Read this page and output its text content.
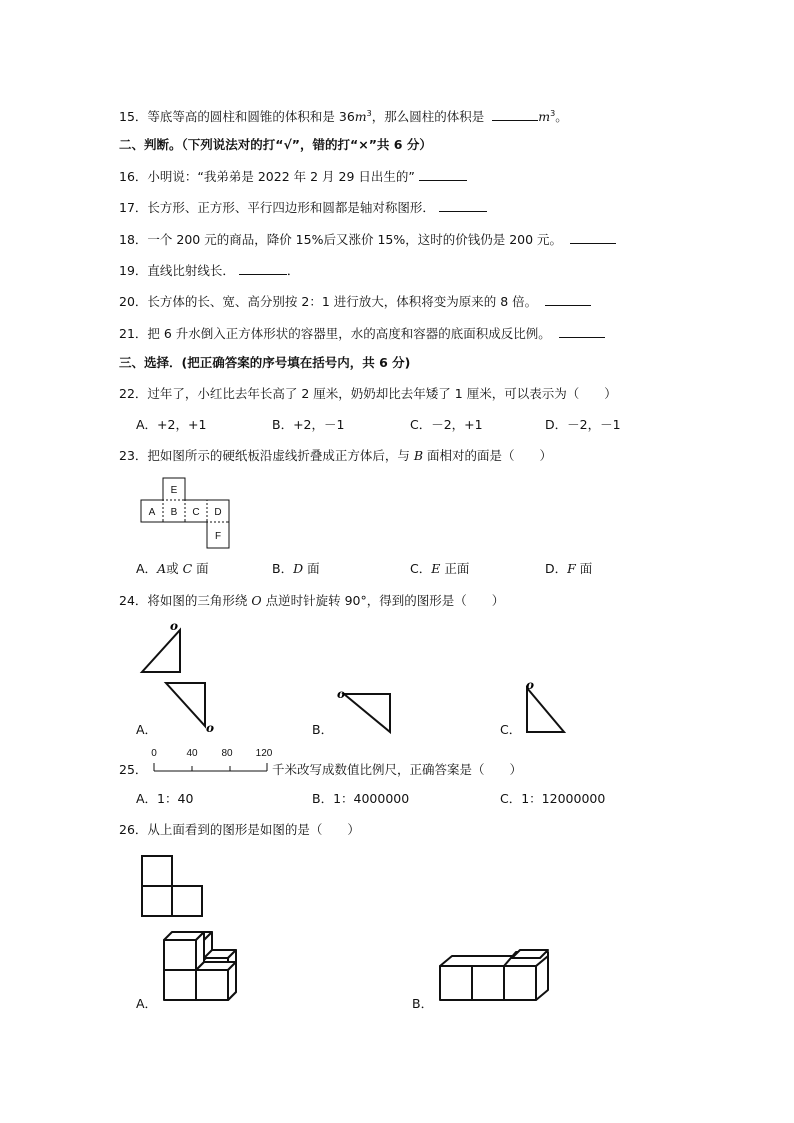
15．等底等高的圆柱和圆锥的体积和是 $36m^3$，那么圆柱的体积是	$m^3$。
二、判断。（下列说法对的打“√”，错的打“×”共 6 分）
16．小明说：“我弟弟是 2022 年 2 月 29 日出生的”
17．长方形、正方形、平行四边形和圆都是轴对称图形．
18．一个 200 元的商品，降价 15%后又涨价 15%，这时的价钱仍是 200 元。
19．直线比射线长．	．
20．长方体的长、宽、高分别按 2：1 进行放大，体积将变为原来的 8 倍。
21．把 6 升水倒入正方体形状的容器里，水的高度和容器的底面积成反比例。
三、选择．(把正确答案的序号填在括号内，共 6 分)
22．过年了，小红比去年长高了 2 厘米，奶奶却比去年矮了 1 厘米，可以表示为（　　）
A．+2，+1	B．+2，－1	C．－2，+1	D．－2，－1
23．把如图所示的硬纸板沿虚线折叠成正方体后，与 B 面相对的面是（　　）
E
A B C D
F
A．A或 C 面	B．D 面	C．E 正面	D．F 面
24．将如图的三角形绕 O 点逆时针旋转 90°，得到的图形是（　　）
o
A．	o	B．
o
C．
o
25．
0	40 80 120
千米改写成数值比例尺，正确答案是（　　）
A．1：40	B．1：4000000	C．1：12000000
26．从上面看到的图形是如图的是（　　）
A．	B．
